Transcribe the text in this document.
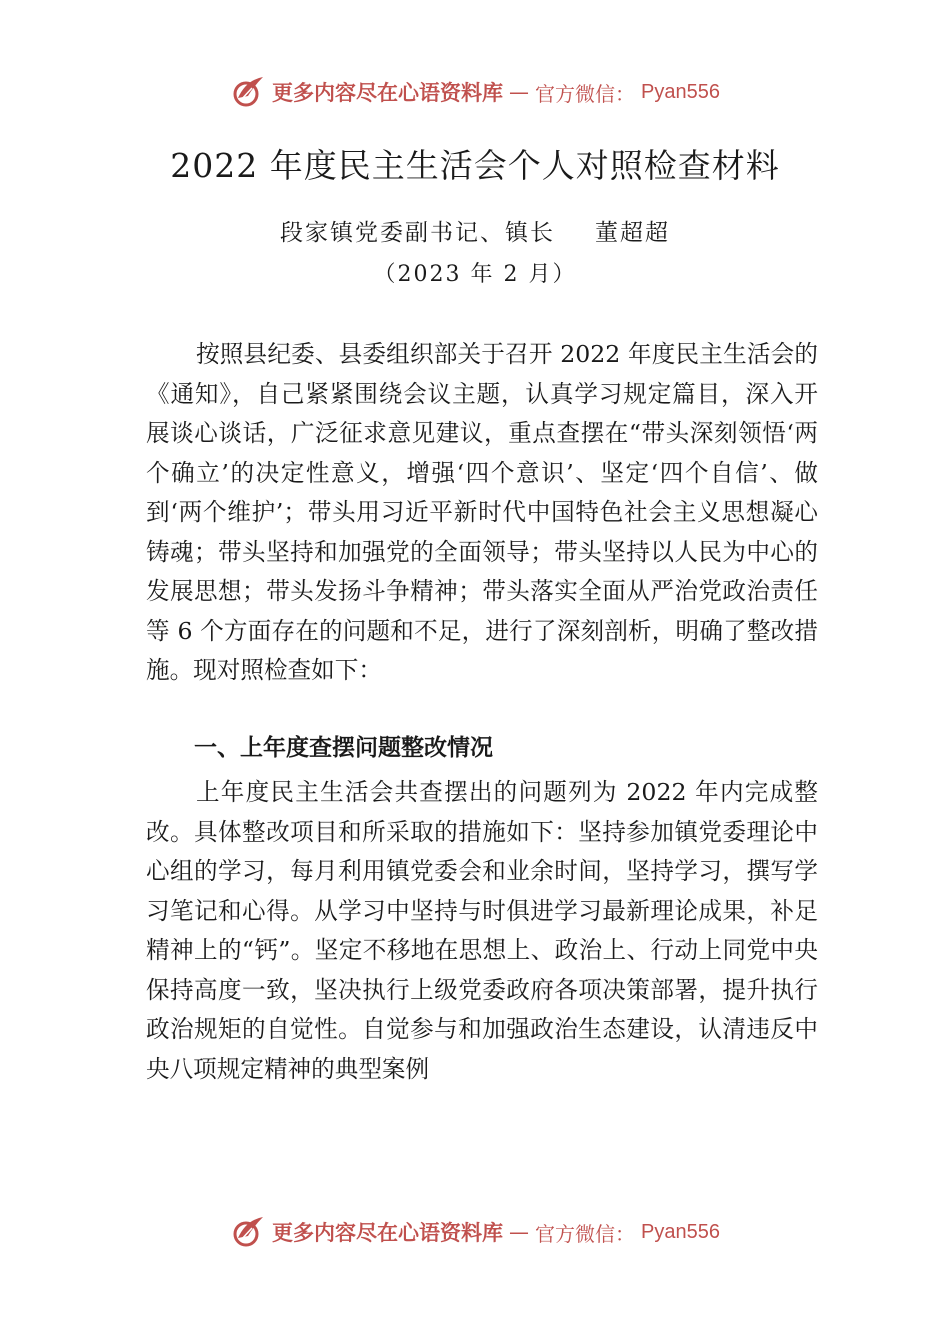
更多内容尽在心语资料库 — 官方微信： Pyan556
2022 年度民主生活会个人对照检查材料
段家镇党委副书记、镇长 董超超
（2023 年 2 月）

按照县纪委、县委组织部关于召开 2022 年度民主生活会的《通知》，自己紧紧围绕会议主题，认真学习规定篇目，深入开展谈心谈话，广泛征求意见建议，重点查摆在“带头深刻领悟‘两个确立’的决定性意义，增强‘四个意识’、坚定‘四个自信’、做到‘两个维护’；带头用习近平新时代中国特色社会主义思想凝心铸魂；带头坚持和加强党的全面领导；带头坚持以人民为中心的发展思想；带头发扬斗争精神；带头落实全面从严治党政治责任等 6 个方面存在的问题和不足，进行了深刻剖析，明确了整改措施。现对照检查如下：

一、上年度查摆问题整改情况

上年度民主生活会共查摆出的问题列为 2022 年内完成整改。具体整改项目和所采取的措施如下：坚持参加镇党委理论中心组的学习，每月利用镇党委会和业余时间，坚持学习，撰写学习笔记和心得。从学习中坚持与时俱进学习最新理论成果，补足精神上的“钙”。坚定不移地在思想上、政治上、行动上同党中央保持高度一致，坚决执行上级党委政府各项决策部署，提升执行政治规矩的自觉性。自觉参与和加强政治生态建设，认清违反中央八项规定精神的典型案例

更多内容尽在心语资料库 — 官方微信： Pyan556
